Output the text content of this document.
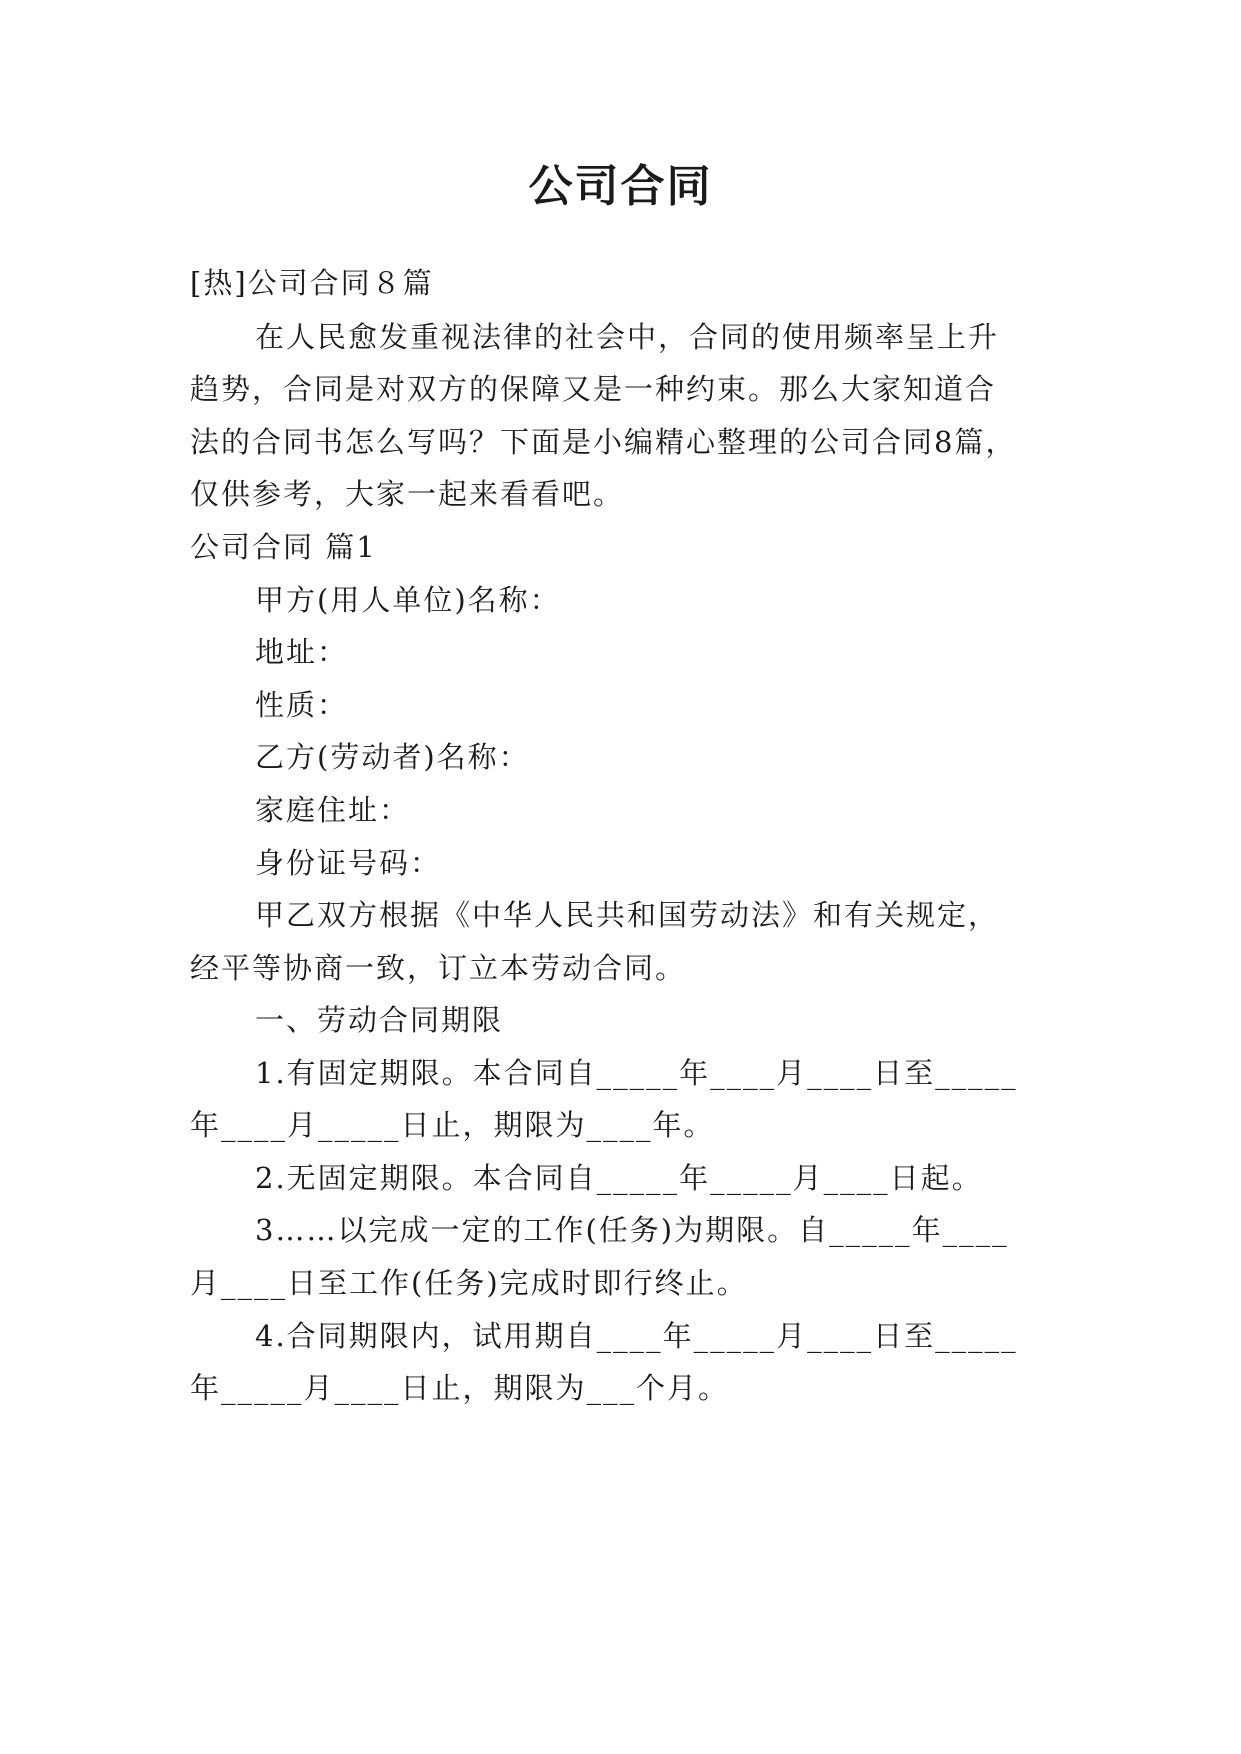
公司合同
[热]公司合同８篇
在人民愈发重视法律的社会中，合同的使用频率呈上升
趋势，合同是对双方的保障又是一种约束。那么大家知道合
法的合同书怎么写吗？下面是小编精心整理的公司合同8篇，
仅供参考，大家一起来看看吧。
公司合同 篇1
甲方(用人单位)名称：
地址：
性质：
乙方(劳动者)名称：
家庭住址：
身份证号码：
甲乙双方根据《中华人民共和国劳动法》和有关规定，
经平等协商一致，订立本劳动合同。
一、劳动合同期限
1.有固定期限。本合同自_____年____月____日至_____
年____月_____日止，期限为____年。
2.无固定期限。本合同自_____年_____月____日起。
3……以完成一定的工作(任务)为期限。自_____年____
月____日至工作(任务)完成时即行终止。
4.合同期限内，试用期自____年_____月____日至_____
年_____月____日止，期限为___个月。
